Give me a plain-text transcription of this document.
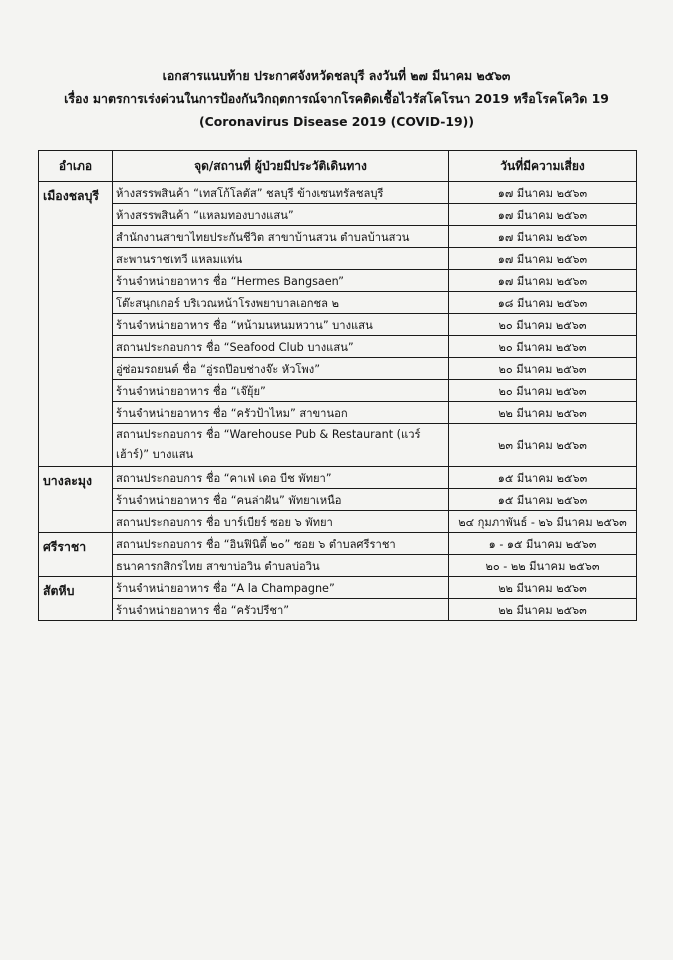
เอกสารแนบท้าย ประกาศจังหวัดชลบุรี ลงวันที่ ๒๗ มีนาคม ๒๕๖๓
เรื่อง มาตรการเร่งด่วนในการป้องกันวิกฤตการณ์จากโรคติดเชื้อไวรัสโคโรนา 2019 หรือโรคโควิด 19
(Coronavirus Disease 2019 (COVID-19))
อำเภอ	จุด/สถานที่ ผู้ป่วยมีประวัติเดินทาง	วันที่มีความเสี่ยง
เมืองชลบุรี	ห้างสรรพสินค้า “เทสโก้โลตัส” ชลบุรี ข้างเซนทรัลชลบุรี	๑๗ มีนาคม ๒๕๖๓
	ห้างสรรพสินค้า “แหลมทองบางแสน”	๑๗ มีนาคม ๒๕๖๓
	สำนักงานสาขาไทยประกันชีวิต สาขาบ้านสวน ตำบลบ้านสวน	๑๗ มีนาคม ๒๕๖๓
	สะพานราชเทวี แหลมแท่น	๑๗ มีนาคม ๒๕๖๓
	ร้านจำหน่ายอาหาร ชื่อ “Hermes Bangsaen”	๑๗ มีนาคม ๒๕๖๓
	โต๊ะสนุกเกอร์ บริเวณหน้าโรงพยาบาลเอกชล ๒	๑๘ มีนาคม ๒๕๖๓
	ร้านจำหน่ายอาหาร ชื่อ “หน้ามนหนมหวาน” บางแสน	๒๐ มีนาคม ๒๕๖๓
	สถานประกอบการ ชื่อ “Seafood Club บางแสน”	๒๐ มีนาคม ๒๕๖๓
	อู่ซ่อมรถยนต์ ชื่อ “อู่รถป๊อบช่างจ๊ะ หัวโพง”	๒๐ มีนาคม ๒๕๖๓
	ร้านจำหน่ายอาหาร ชื่อ “เจ๊ยุ้ย”	๒๐ มีนาคม ๒๕๖๓
	ร้านจำหน่ายอาหาร ชื่อ “ครัวป้าไหม” สาขานอก	๒๒ มีนาคม ๒๕๖๓
	สถานประกอบการ ชื่อ “Warehouse Pub & Restaurant (แวร์เฮ้าร์)” บางแสน	๒๓ มีนาคม ๒๕๖๓
บางละมุง	สถานประกอบการ ชื่อ “คาเฟ่ เดอ บีช พัทยา”	๑๕ มีนาคม ๒๕๖๓
	ร้านจำหน่ายอาหาร ชื่อ “คนล่าฝัน” พัทยาเหนือ	๑๕ มีนาคม ๒๕๖๓
	สถานประกอบการ ชื่อ บาร์เบียร์ ซอย ๖ พัทยา	๒๔ กุมภาพันธ์ - ๒๖ มีนาคม ๒๕๖๓
ศรีราชา	สถานประกอบการ ชื่อ “อินฟินิตี้ ๒๐” ซอย ๖ ตำบลศรีราชา	๑ - ๑๕ มีนาคม ๒๕๖๓
	ธนาคารกสิกรไทย สาขาบ่อวิน ตำบลบ่อวิน	๒๐ - ๒๒ มีนาคม ๒๕๖๓
สัตหีบ	ร้านจำหน่ายอาหาร ชื่อ “A la Champagne”	๒๒ มีนาคม ๒๕๖๓
	ร้านจำหน่ายอาหาร ชื่อ “ครัวปรีชา”	๒๒ มีนาคม ๒๕๖๓
